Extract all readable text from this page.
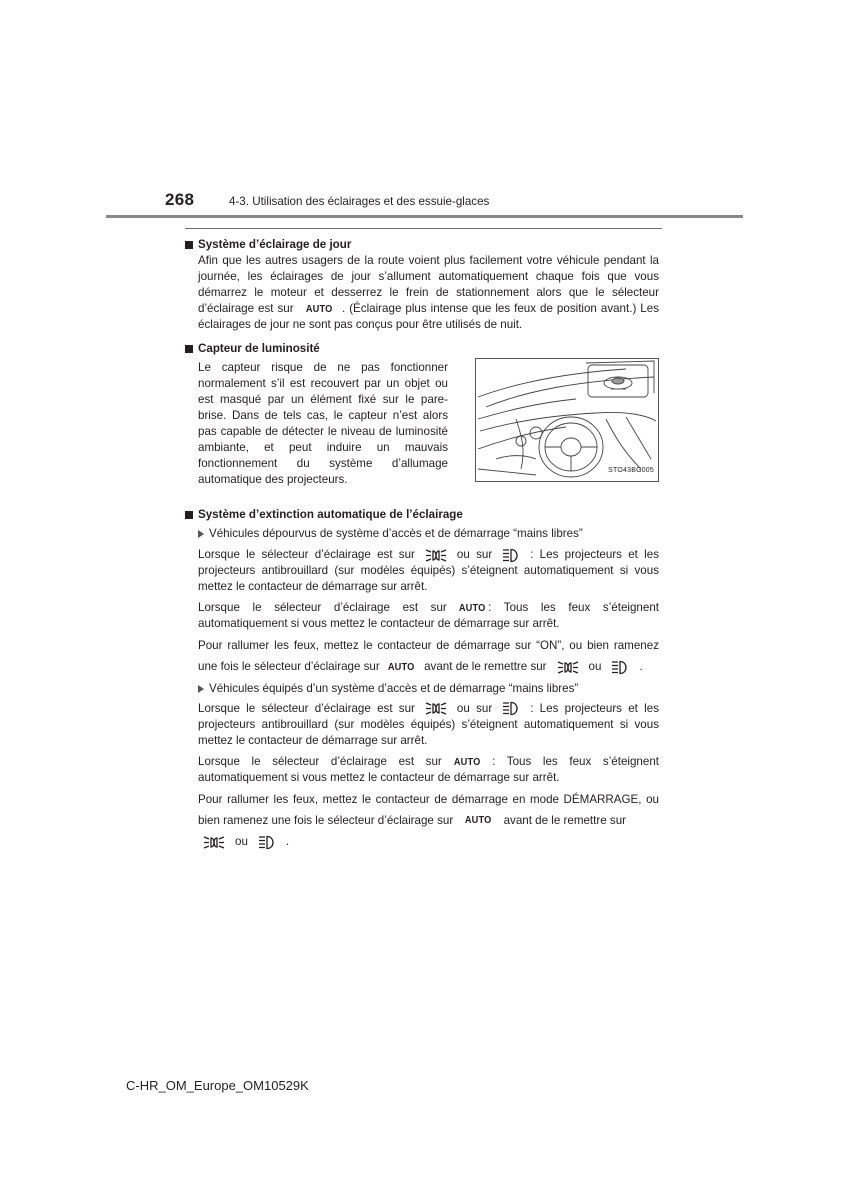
268	4-3. Utilisation des éclairages et des essuie-glaces
Système d’éclairage de jour

Afin que les autres usagers de la route voient plus facilement votre véhicule pendant la journée, les éclairages de jour s’allument automatiquement chaque fois que vous démarrez le moteur et desserrez le frein de stationnement alors que le sélecteur d’éclairage est sur AUTO . (Éclairage plus intense que les feux de position avant.) Les éclairages de jour ne sont pas conçus pour être utilisés de nuit.

Capteur de luminosité

Le capteur risque de ne pas fonctionner normalement s’il est recouvert par un objet ou est masqué par un élément fixé sur le pare-brise. Dans de tels cas, le capteur n’est alors pas capable de détecter le niveau de luminosité ambiante, et peut induire un mauvais fonctionnement du système d’allumage automatique des projecteurs.

STO43BG005
Système d’extinction automatique de l’éclairage
Véhicules dépourvus de système d’accès et de démarrage “mains libres”

Lorsque le sélecteur d’éclairage est sur	ou sur	: Les projecteurs et les projecteurs antibrouillard (sur modèles équipés) s’éteignent automatiquement si vous mettez le contacteur de démarrage sur arrêt.

Lorsque le sélecteur d’éclairage est sur AUTO : Tous les feux s’éteignent automatiquement si vous mettez le contacteur de démarrage sur arrêt.

Pour rallumer les feux, mettez le contacteur de démarrage sur “ON”, ou bien ramenez une fois le sélecteur d’éclairage sur AUTO avant de le remettre sur	ou	.

Véhicules équipés d’un système d’accès et de démarrage “mains libres”

Lorsque le sélecteur d’éclairage est sur	ou sur	: Les projecteurs et les projecteurs antibrouillard (sur modèles équipés) s’éteignent automatiquement si vous mettez le contacteur de démarrage sur arrêt.

Lorsque le sélecteur d’éclairage est sur AUTO : Tous les feux s’éteignent automatiquement si vous mettez le contacteur de démarrage sur arrêt.

Pour rallumer les feux, mettez le contacteur de démarrage en mode DÉMARRAGE, ou bien ramenez une fois le sélecteur d’éclairage sur AUTO avant de le remettre sur

ou	.

C-HR_OM_Europe_OM10529K
